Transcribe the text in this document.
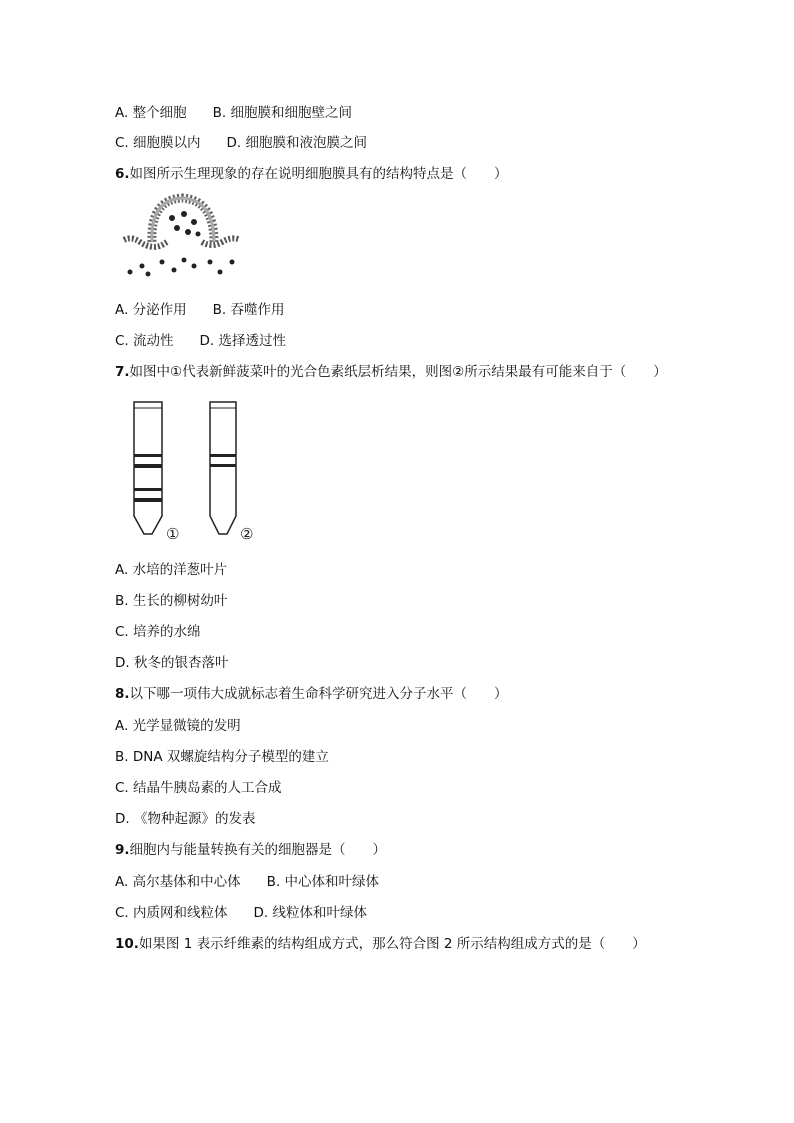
A. 整个细胞 B. 细胞膜和细胞壁之间
C. 细胞膜以内 D. 细胞膜和液泡膜之间
6.如图所示生理现象的存在说明细胞膜具有的结构特点是（　　）
A. 分泌作用 B. 吞噬作用
C. 流动性 D. 选择透过性
7.如图中①代表新鲜菠菜叶的光合色素纸层析结果，则图②所示结果最有可能来自于（　　）
①	②
A. 水培的洋葱叶片
B. 生长的柳树幼叶
C. 培养的水绵
D. 秋冬的银杏落叶
8.以下哪一项伟大成就标志着生命科学研究进入分子水平（　　）
A. 光学显微镜的发明
B. DNA 双螺旋结构分子模型的建立
C. 结晶牛胰岛素的人工合成
D. 《物种起源》的发表
9.细胞内与能量转换有关的细胞器是（　　）
A. 高尔基体和中心体 B. 中心体和叶绿体
C. 内质网和线粒体 D. 线粒体和叶绿体
10.如果图 1 表示纤维素的结构组成方式，那么符合图 2 所示结构组成方式的是（　　）
